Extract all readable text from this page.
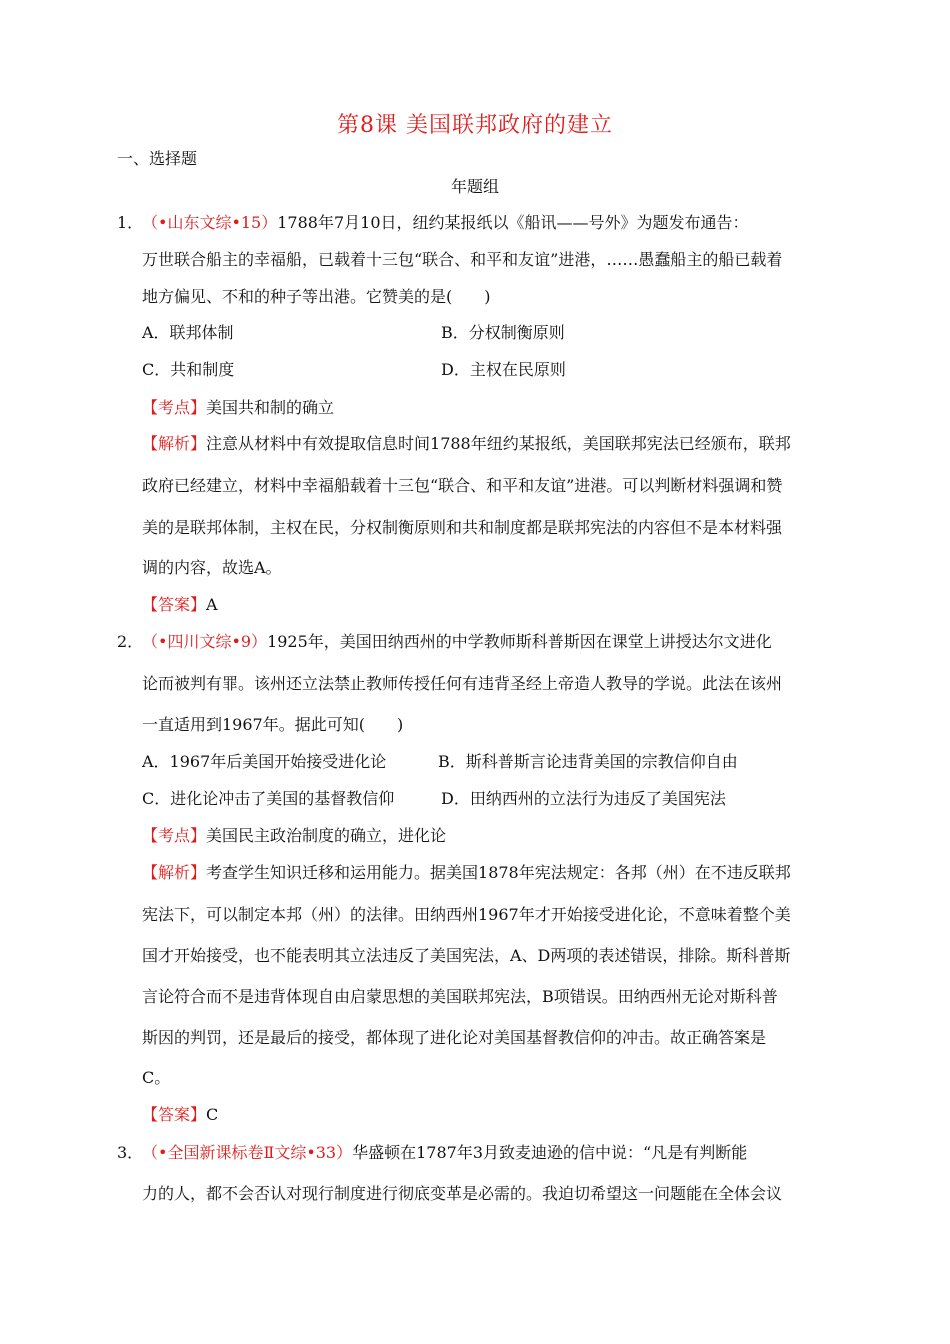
第8课 美国联邦政府的建立
一、选择题
年题组
1．
（•山东文综•15）1788年7月10日，纽约某报纸以《船讯——号外》为题发布通告：
万世联合船主的幸福船，已载着十三包“联合、和平和友谊”进港，……愚蠢船主的船已载着
地方偏见、不和的种子等出港。它赞美的是(　　)
A．联邦体制	B．分权制衡原则
C．共和制度	D．主权在民原则
【考点】美国共和制的确立
【解析】注意从材料中有效提取信息时间1788年纽约某报纸，美国联邦宪法已经颁布，联邦
政府已经建立，材料中幸福船载着十三包“联合、和平和友谊”进港。可以判断材料强调和赞
美的是联邦体制，主权在民，分权制衡原则和共和制度都是联邦宪法的内容但不是本材料强
调的内容，故选A。
【答案】A
2．
（•四川文综•9）1925年，美国田纳西州的中学教师斯科普斯因在课堂上讲授达尔文进化
论而被判有罪。该州还立法禁止教师传授任何有违背圣经上帝造人教导的学说。此法在该州
一直适用到1967年。据此可知(　　)
A．1967年后美国开始接受进化论	B．斯科普斯言论违背美国的宗教信仰自由
C．进化论冲击了美国的基督教信仰	D．田纳西州的立法行为违反了美国宪法
【考点】美国民主政治制度的确立，进化论
【解析】考查学生知识迁移和运用能力。据美国1878年宪法规定：各邦（州）在不违反联邦
宪法下，可以制定本邦（州）的法律。田纳西州1967年才开始接受进化论，不意味着整个美
国才开始接受，也不能表明其立法违反了美国宪法，A、D两项的表述错误，排除。斯科普斯
言论符合而不是违背体现自由启蒙思想的美国联邦宪法，B项错误。田纳西州无论对斯科普
斯因的判罚，还是最后的接受，都体现了进化论对美国基督教信仰的冲击。故正确答案是
C。
【答案】C
3．
（•全国新课标卷Ⅱ文综•33）华盛顿在1787年3月致麦迪逊的信中说：“凡是有判断能
力的人，都不会否认对现行制度进行彻底变革是必需的。我迫切希望这一问题能在全体会议
